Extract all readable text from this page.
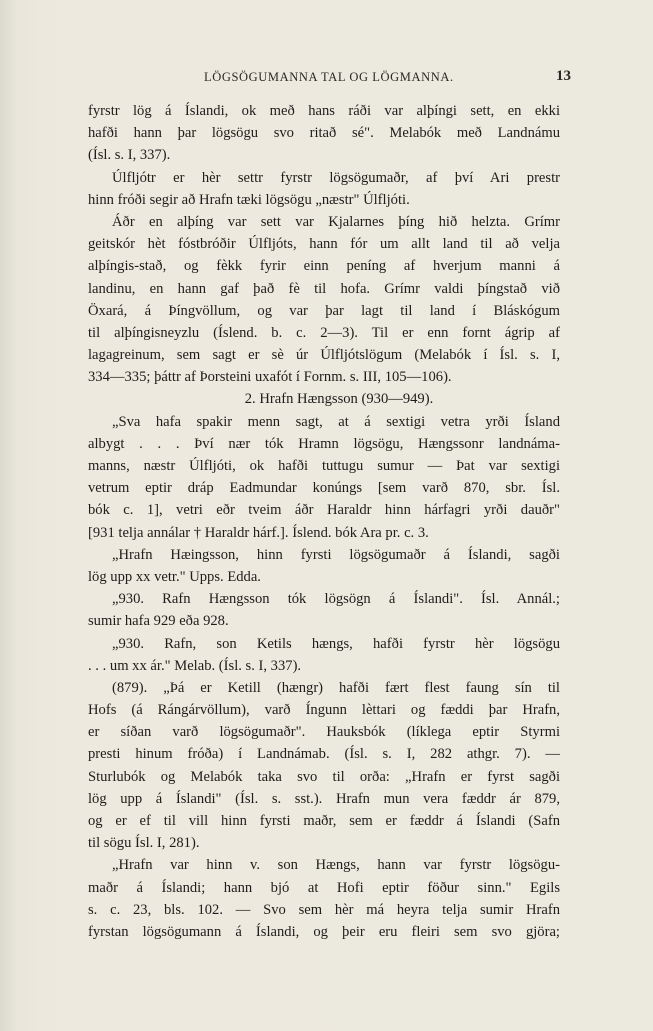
LÖGSÖGUMANNA TAL OG LÖGMANNA.	13
fyrstr lög á Íslandi, ok með hans ráði var alþíngi sett, en ekki
hafði hann þar lögsögu svo ritað sé". Melabók með Landnámu
(Ísl. s. I, 337).
Úlfljótr er hèr settr fyrstr lögsögumaðr, af því Ari prestr
hinn fróði segir að Hrafn tæki lögsögu „næstr" Úlfljóti.
Áðr en alþíng var sett var Kjalarnes þíng hið helzta. Grímr
geitskór hèt fóstbróðir Úlfljóts, hann fór um allt land til að velja
alþíngis-stað, og fèkk fyrir einn peníng af hverjum manni á
landinu, en hann gaf það fè til hofa. Grímr valdi þíngstað við
Öxará, á Þíngvöllum, og var þar lagt til land í Bláskógum
til alþíngisneyzlu (Íslend. b. c. 2—3). Til er enn fornt ágrip af
lagagreinum, sem sagt er sè úr Úlfljótslögum (Melabók í Ísl. s. I,
334—335; þáttr af Þorsteini uxafót í Fornm. s. III, 105—106).
2. Hrafn Hængsson (930—949).
„Sva hafa spakir menn sagt, at á sextigi vetra yrði Ísland
albygt . . . Því nær tók Hramn lögsögu, Hængssonr landnáma-
manns, næstr Úlfljóti, ok hafði tuttugu sumur — Þat var sextigi
vetrum eptir dráp Eadmundar konúngs [sem varð 870, sbr. Ísl.
bók c. 1], vetri eðr tveim áðr Haraldr hinn hárfagri yrði dauðr"
[931 telja annálar † Haraldr hárf.]. Íslend. bók Ara pr. c. 3.
„Hrafn Hæingsson, hinn fyrsti lögsögumaðr á Íslandi, sagði
lög upp xx vetr." Upps. Edda.
„930. Rafn Hængsson tók lögsögn á Íslandi". Ísl. Annál.;
sumir hafa 929 eða 928.
„930. Rafn, son Ketils hængs, hafði fyrstr hèr lögsögu
. . . um xx ár." Melab. (Ísl. s. I, 337).
(879). „Þá er Ketill (hængr) hafði fært flest faung sín til
Hofs (á Rángárvöllum), varð Íngunn lèttari og fæddi þar Hrafn,
er síðan varð lögsögumaðr". Hauksbók (líklega eptir Styrmi
presti hinum fróða) í Landnámab. (Ísl. s. I, 282 athgr. 7). —
Sturlubók og Melabók taka svo til orða: „Hrafn er fyrst sagði
lög upp á Íslandi" (Ísl. s. sst.). Hrafn mun vera fæddr ár 879,
og er ef til vill hinn fyrsti maðr, sem er fæddr á Íslandi (Safn
til sögu Ísl. I, 281).
„Hrafn var hinn v. son Hængs, hann var fyrstr lögsögu-
maðr á Íslandi; hann bjó at Hofi eptir föður sinn." Egils
s. c. 23, bls. 102. — Svo sem hèr má heyra telja sumir Hrafn
fyrstan lögsögumann á Íslandi, og þeir eru fleiri sem svo gjöra;
